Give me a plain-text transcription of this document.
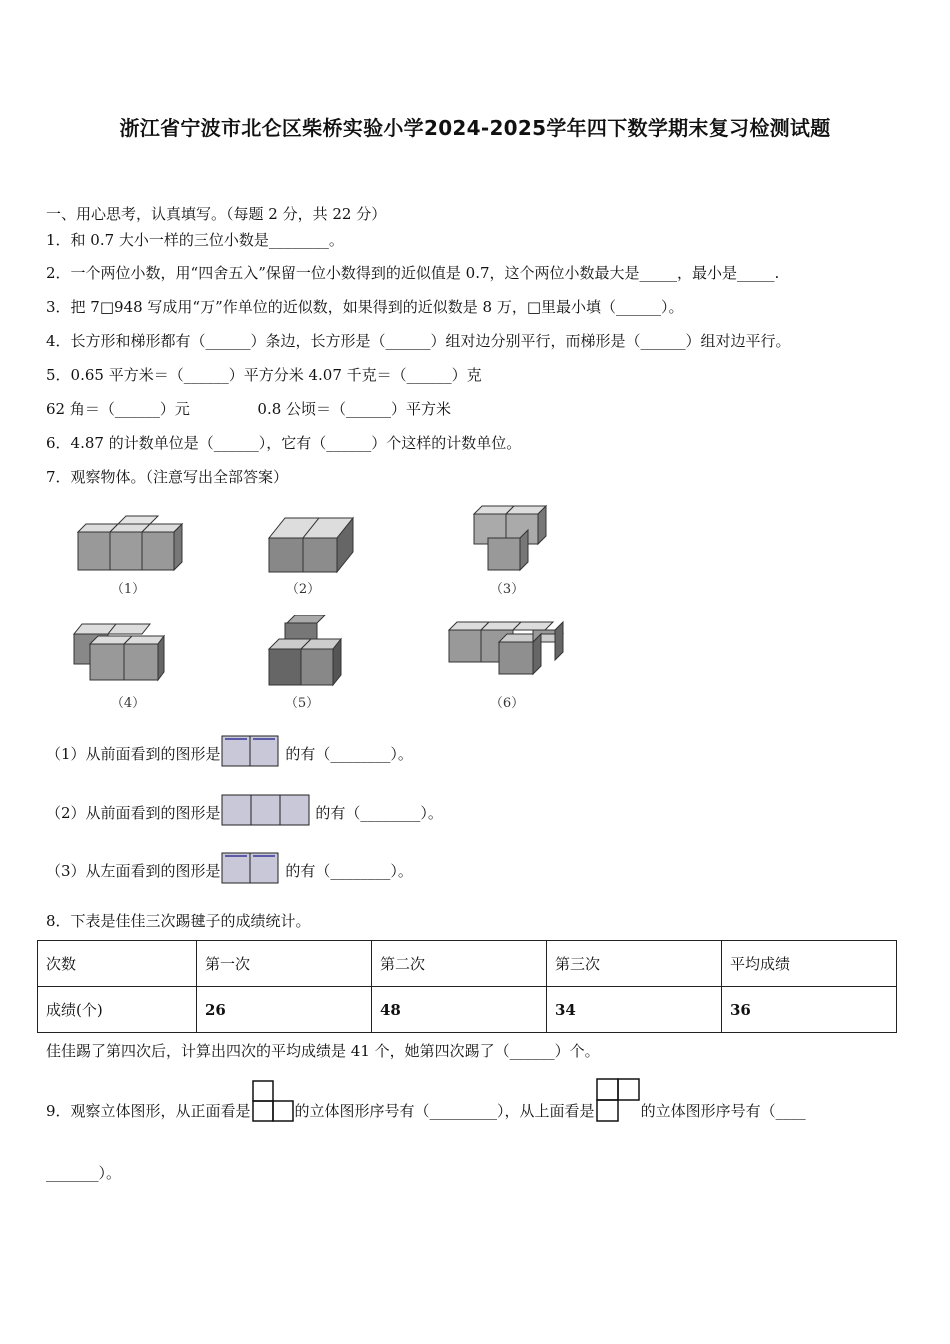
浙江省宁波市北仑区柴桥实验小学2024-2025学年四下数学期末复习检测试题
一、用心思考，认真填写。（每题 2 分，共 22 分）
1．和 0.7 大小一样的三位小数是________。
2．一个两位小数，用“四舍五入”保留一位小数得到的近似值是 0.7，这个两位小数最大是_____，最小是_____.
3．把 7□948 写成用“万”作单位的近似数，如果得到的近似数是 8 万，□里最小填（______）。
4．长方形和梯形都有（______）条边，长方形是（______）组对边分别平行，而梯形是（______）组对边平行。
5．0.65 平方米＝（______）平方分米 4.07 千克＝（______）克
62 角＝（______）元	0.8 公顷＝（______）平方米
6．4.87 的计数单位是（______），它有（______）个这样的计数单位。
7．观察物体。（注意写出全部答案）
（1）	（2）	（3）
（4）	（5）	（6）
（1）从前面看到的图形是	的有（________）。
（2）从前面看到的图形是	的有（________）。
（3）从左面看到的图形是	的有（________）。
8．下表是佳佳三次踢毽子的成绩统计。
次数	第一次	第二次	第三次	平均成绩
成绩(个)	26	48	34	36
佳佳踢了第四次后，计算出四次的平均成绩是 41 个，她第四次踢了（______）个。
9．观察立体图形，从正面看是	的立体图形序号有（_________），从上面看是	的立体图形序号有（____
_______）。
